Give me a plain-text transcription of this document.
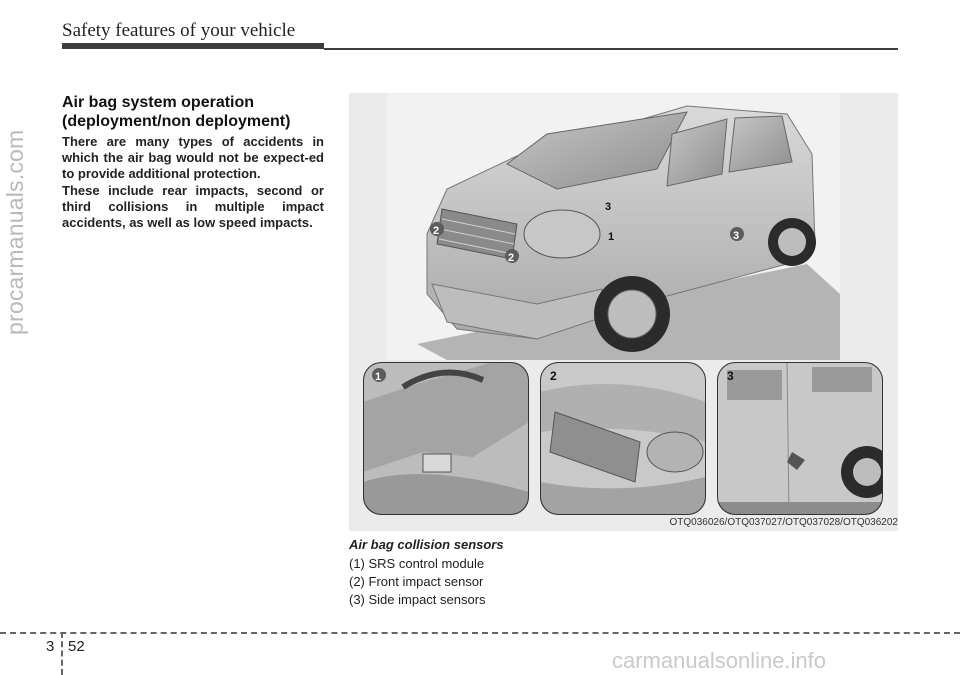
Safety features of your vehicle
procarmanuals.com
Air bag system operation
(deployment/non deployment)
There are many types of accidents in which the air bag would not be expect-ed to provide additional protection.
These include rear impacts, second or third collisions in multiple impact accidents, as well as low speed impacts.
2
2
3
3
1
1	2	3
OTQ036026/OTQ037027/OTQ037028/OTQ036202
Air bag collision sensors
(1) SRS control module
(2) Front impact sensor
(3) Side impact sensors
3 52
carmanualsonline.info
